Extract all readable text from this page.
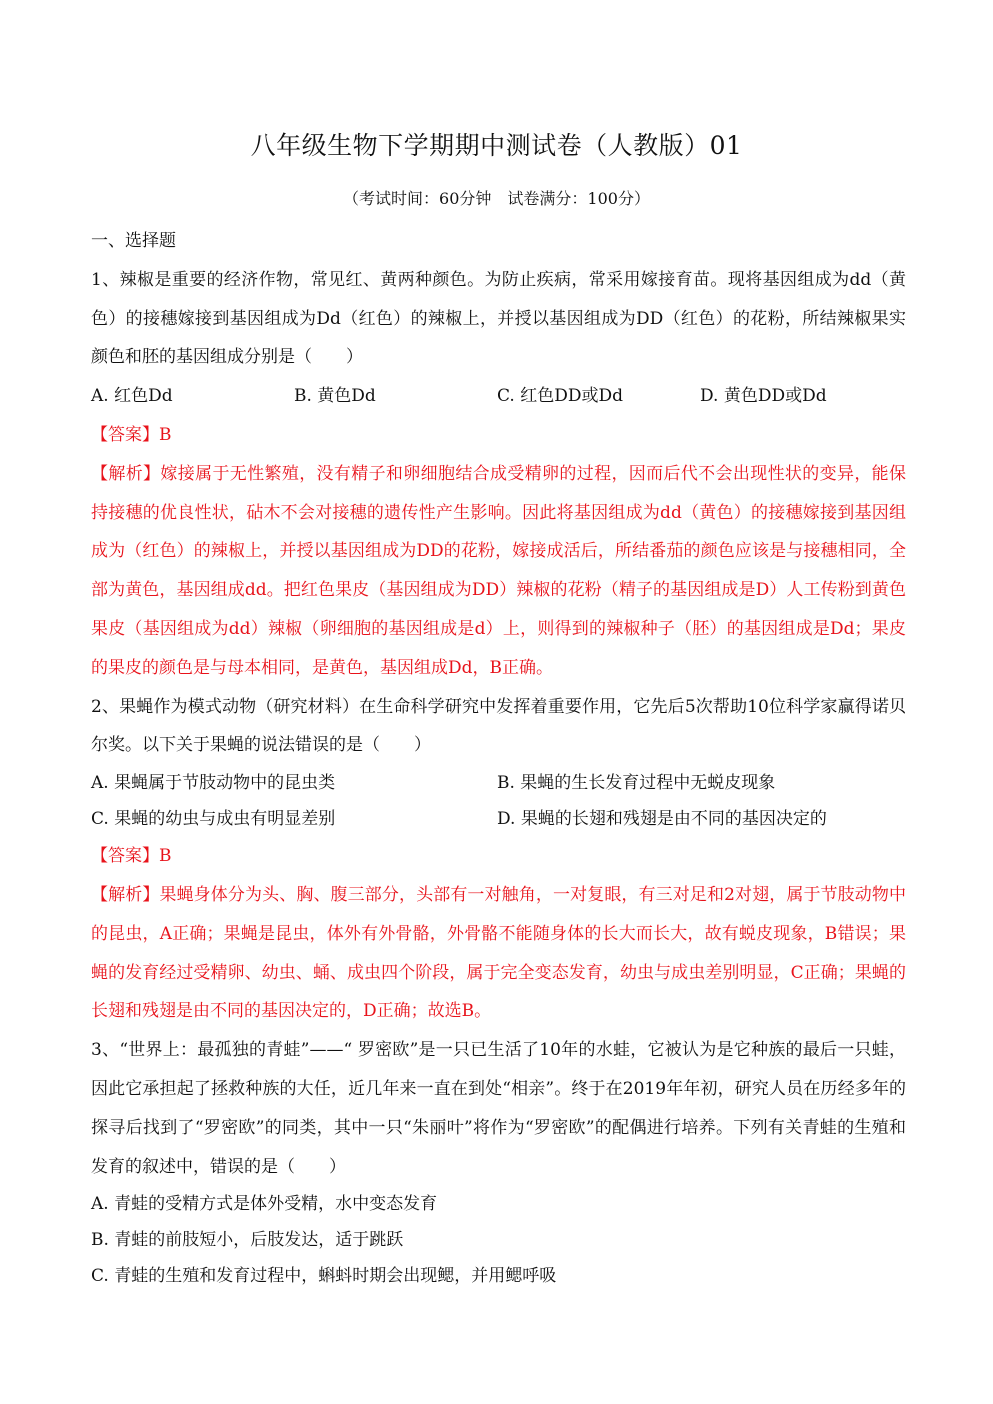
八年级生物下学期期中测试卷（人教版）01
（考试时间：60分钟　试卷满分：100分）
一、选择题
1、辣椒是重要的经济作物，常见红、黄两种颜色。为防止疾病，常采用嫁接育苗。现将基因组成为dd（黄色）的接穗嫁接到基因组成为Dd（红色）的辣椒上，并授以基因组成为DD（红色）的花粉，所结辣椒果实颜色和胚的基因组成分别是（　　）
A. 红色Dd	B. 黄色Dd	C. 红色DD或Dd	D. 黄色DD或Dd
【答案】B
【解析】嫁接属于无性繁殖，没有精子和卵细胞结合成受精卵的过程，因而后代不会出现性状的变异，能保持接穗的优良性状，砧木不会对接穗的遗传性产生影响。因此将基因组成为dd（黄色）的接穗嫁接到基因组成为（红色）的辣椒上，并授以基因组成为DD的花粉，嫁接成活后，所结番茄的颜色应该是与接穗相同，全部为黄色，基因组成dd。把红色果皮（基因组成为DD）辣椒的花粉（精子的基因组成是D）人工传粉到黄色果皮（基因组成为dd）辣椒（卵细胞的基因组成是d）上，则得到的辣椒种子（胚）的基因组成是Dd；果皮的果皮的颜色是与母本相同，是黄色，基因组成Dd，B正确。
2、果蝇作为模式动物（研究材料）在生命科学研究中发挥着重要作用，它先后5次帮助10位科学家赢得诺贝尔奖。以下关于果蝇的说法错误的是（　　）
A. 果蝇属于节肢动物中的昆虫类	B. 果蝇的生长发育过程中无蜕皮现象
C. 果蝇的幼虫与成虫有明显差别	D. 果蝇的长翅和残翅是由不同的基因决定的
【答案】B
【解析】果蝇身体分为头、胸、腹三部分，头部有一对触角，一对复眼，有三对足和2对翅，属于节肢动物中的昆虫，A正确；果蝇是昆虫，体外有外骨骼，外骨骼不能随身体的长大而长大，故有蜕皮现象，B错误；果蝇的发育经过受精卵、幼虫、蛹、成虫四个阶段，属于完全变态发育，幼虫与成虫差别明显，C正确；果蝇的长翅和残翅是由不同的基因决定的，D正确；故选B。
3、“世界上：最孤独的青蛙”——“ 罗密欧”是一只已生活了10年的水蛙，它被认为是它种族的最后一只蛙，因此它承担起了拯救种族的大任，近几年来一直在到处“相亲”。终于在2019年年初，研究人员在历经多年的探寻后找到了“罗密欧”的同类，其中一只“朱丽叶”将作为“罗密欧”的配偶进行培养。下列有关青蛙的生殖和发育的叙述中，错误的是（　　）
A. 青蛙的受精方式是体外受精，水中变态发育
B. 青蛙的前肢短小，后肢发达，适于跳跃
C. 青蛙的生殖和发育过程中，蝌蚪时期会出现鳃，并用鳃呼吸
